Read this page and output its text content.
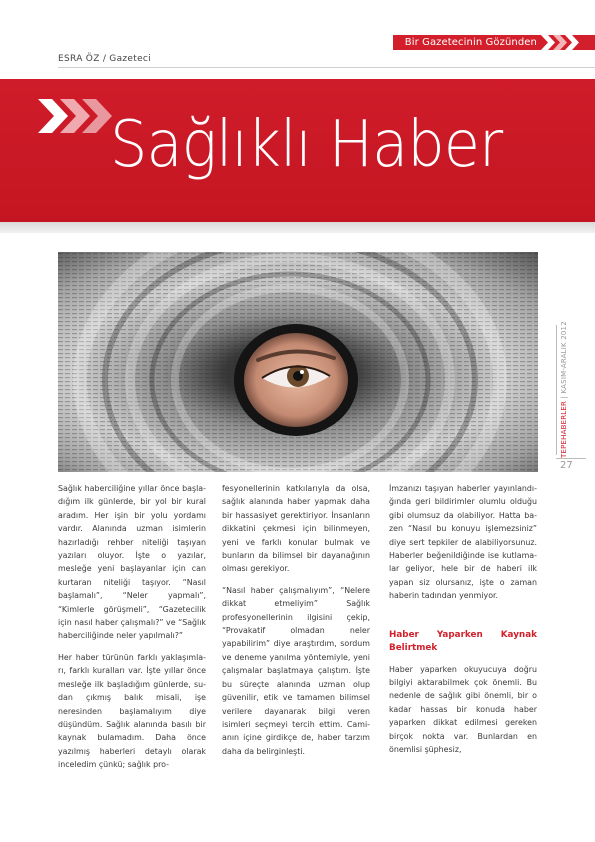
Bir Gazetecinin Gözünden
ESRA ÖZ / Gazeteci
Sağlıklı Haber
TEPEHABERLER | KASIM-ARALIK 2012
27

Sağlık haberciliğine yıllar önce başladığım ilk günlerde, bir yol bir kural aradım. Her işin bir yolu yordamı vardır. Alanında uzman isimlerin hazırladığı rehber niteliği taşıyan yazıları oluyor. İşte o yazılar, mesleğe yeni başlayanlar için can kurtaran niteliği taşıyor. “Nasıl başlamalı”, “Neler yapmalı”, “Kimlerle görüşmeli”, “Gazetecilik için nasıl haber çalışmalı?” ve “Sağlık haberciliğinde neler yapılmalı?”

Her haber türünün farklı yaklaşımları, farklı kuralları var. İşte yıllar önce mesleğe ilk başladığım günlerde, sudan çıkmış balık misali, işe neresinden başlamalıyım diye düşündüm. Sağlık alanında basılı bir kaynak bulamadım. Daha önce yazılmış haberleri detaylı olarak inceledim çünkü; sağlık pro-

fesyonellerinin katkılarıyla da olsa, sağlık alanında haber yapmak daha bir hassasiyet gerektiriyor. İnsanların dikkatini çekmesi için bilinmeyen, yeni ve farklı konular bulmak ve bunların da bilimsel bir dayanağının olması gerekiyor.

“Nasıl haber çalışmalıyım”, “Nelere dikkat etmeliyim” Sağlık profesyonellerinin ilgisini çekip, “Provakatif olmadan neler yapabilirim” diye araştırdım, sordum ve deneme yanılma yöntemiyle, yeni çalışmalar başlatmaya çalıştım. İşte bu süreçte alanında uzman olup güvenilir, etik ve tamamen bilimsel verilere dayanarak bilgi veren isimleri seçmeyi tercih ettim. Camianın içine girdikçe de, haber tarzım daha da belirginleşti.

İmzanızı taşıyan haberler yayınlandığında geri bildirimler olumlu olduğu gibi olumsuz da olabiliyor. Hatta bazen “Nasıl bu konuyu işlemezsiniz” diye sert tepkiler de alabiliyorsunuz. Haberler beğenildiğinde ise kutlamalar geliyor, hele bir de haberi ilk yapan siz olursanız, işte o zaman haberin tadından yenmiyor.

Haber Yaparken Kaynak Belirtmek

Haber yaparken okuyucuya doğru bilgiyi aktarabilmek çok önemli. Bu nedenle de sağlık gibi önemli, bir o kadar hassas bir konuda haber yaparken dikkat edilmesi gereken birçok nokta var. Bunlardan en önemlisi şüphesiz,
